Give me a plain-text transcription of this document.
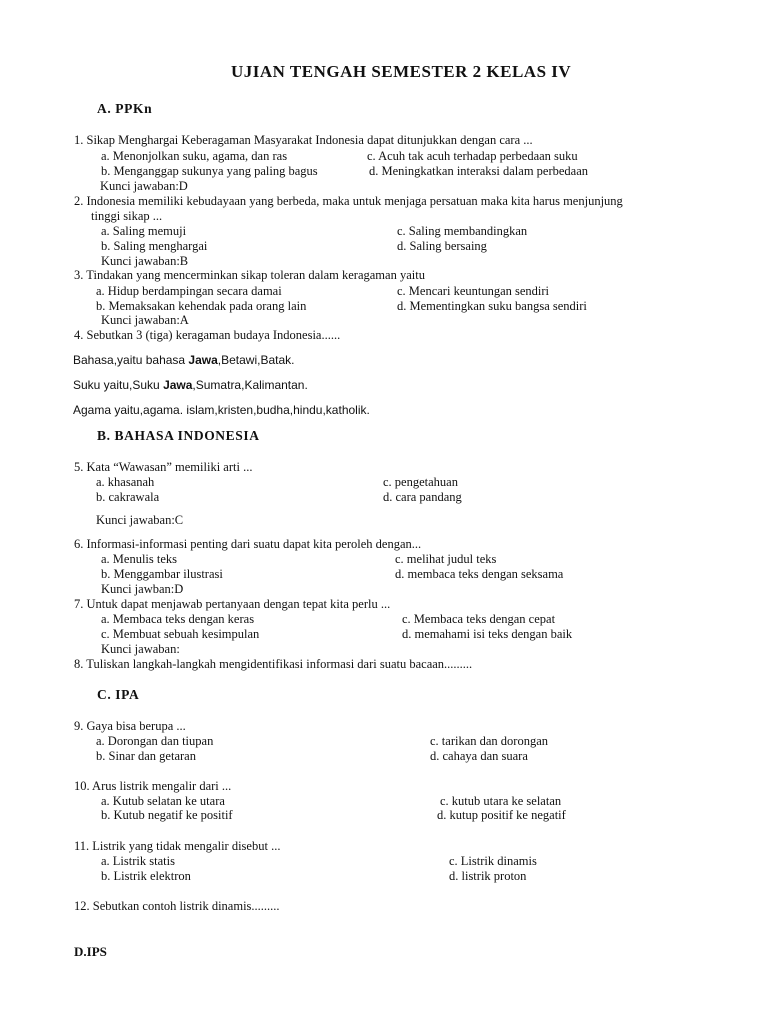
UJIAN TENGAH SEMESTER 2 KELAS IV
A. PPKn
1. Sikap Menghargai Keberagaman Masyarakat Indonesia dapat ditunjukkan dengan cara ...
a. Menonjolkan suku, agama, dan ras	c. Acuh tak acuh terhadap perbedaan suku
b. Menganggap sukunya yang paling bagus	d. Meningkatkan interaksi dalam perbedaan
Kunci jawaban:D
2. Indonesia memiliki kebudayaan yang berbeda, maka untuk menjaga persatuan maka kita harus menjunjung
tinggi sikap ...
a. Saling memuji	c. Saling membandingkan
b. Saling menghargai	d. Saling bersaing
Kunci jawaban:B
3. Tindakan yang mencerminkan sikap toleran dalam keragaman yaitu
a. Hidup berdampingan secara damai	c. Mencari keuntungan sendiri
b. Memaksakan kehendak pada orang lain	d. Mementingkan suku bangsa sendiri
Kunci jawaban:A
4. Sebutkan 3 (tiga) keragaman budaya Indonesia......
Bahasa,yaitu bahasa Jawa,Betawi,Batak.
Suku yaitu,Suku Jawa,Sumatra,Kalimantan.
Agama yaitu,agama. islam,kristen,budha,hindu,katholik.
B. BAHASA INDONESIA
5. Kata “Wawasan” memiliki arti ...
a. khasanah	c. pengetahuan
b. cakrawala	d. cara pandang
Kunci jawaban:C
6. Informasi-informasi penting dari suatu dapat kita peroleh dengan...
a. Menulis teks	c. melihat judul teks
b. Menggambar ilustrasi	d. membaca teks dengan seksama
Kunci jawban:D
7. Untuk dapat menjawab pertanyaan dengan tepat kita perlu ...
a. Membaca teks dengan keras	c. Membaca teks dengan cepat
c. Membuat sebuah kesimpulan	d. memahami isi teks dengan baik
Kunci jawaban:
8. Tuliskan langkah-langkah mengidentifikasi informasi dari suatu bacaan.........
C. IPA
9. Gaya bisa berupa ...
a. Dorongan dan tiupan	c. tarikan dan dorongan
b. Sinar dan getaran	d. cahaya dan suara
10. Arus listrik mengalir dari ...
a. Kutub selatan ke utara	c. kutub utara ke selatan
b. Kutub negatif ke positif	d. kutup positif ke negatif
11. Listrik yang tidak mengalir disebut ...
a. Listrik statis	c. Listrik dinamis
b. Listrik elektron	d. listrik proton
12. Sebutkan contoh listrik dinamis.........
D.IPS
